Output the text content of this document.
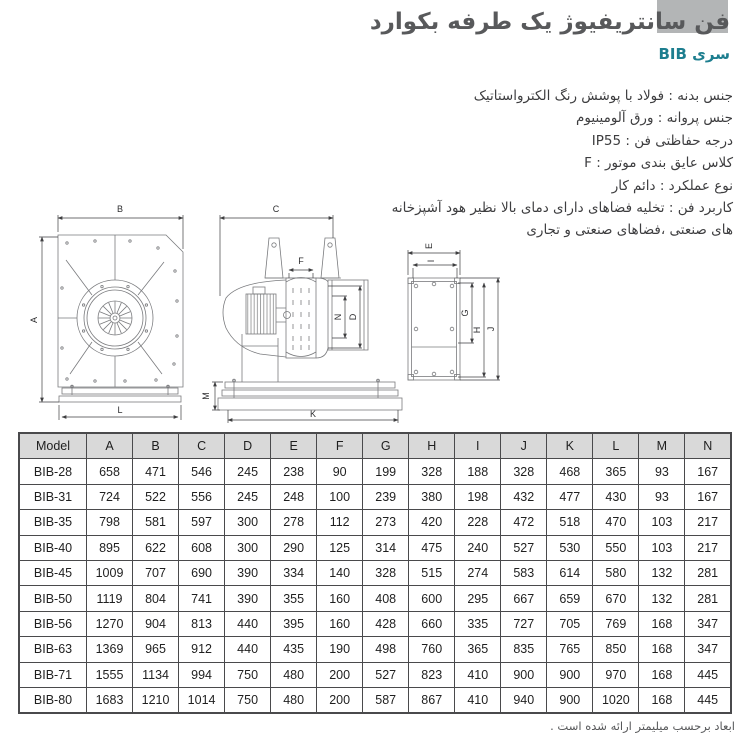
فن سانتریفیوژ یک طرفه بکوارد
سری BIB
جنس بدنه : فولاد با پوشش رنگ الکترواستاتیک
جنس پروانه : ورق آلومینیوم
درجه حفاظتی فن : IP55
کلاس عایق بندی موتور : F
نوع عملکرد : دائم کار
کاربرد فن : تخلیه فضاهای دارای دمای بالا نظیر هود آشپزخانه های صنعتی ،فضاهای صنعتی و تجاری
B
A
L
C
F
N D
M
K
E
I
G
H J
Model	A	B	C	D	E	F	G	H	I	J	K	L	M	N
BIB-28	658	471	546	245	238	90	199	328	188	328	468	365	93	167
BIB-31	724	522	556	245	248	100	239	380	198	432	477	430	93	167
BIB-35	798	581	597	300	278	112	273	420	228	472	518	470	103	217
BIB-40	895	622	608	300	290	125	314	475	240	527	530	550	103	217
BIB-45	1009	707	690	390	334	140	328	515	274	583	614	580	132	281
BIB-50	1119	804	741	390	355	160	408	600	295	667	659	670	132	281
BIB-56	1270	904	813	440	395	160	428	660	335	727	705	769	168	347
BIB-63	1369	965	912	440	435	190	498	760	365	835	765	850	168	347
BIB-71	1555	1134	994	750	480	200	527	823	410	900	900	970	168	445
BIB-80	1683	1210	1014	750	480	200	587	867	410	940	900	1020	168	445
ابعاد برحسب میلیمتر ارائه شده است .
